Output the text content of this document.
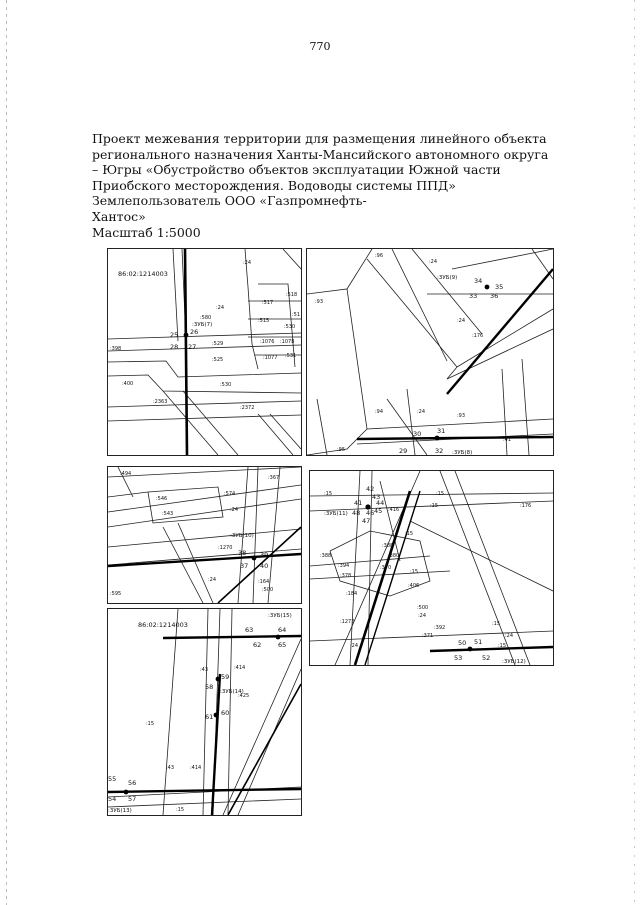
770
Проект межевания территории для размещения линейного объекта
регионального назначения Ханты-Мансийского автономного округа
– Югры «Обустройство объектов эксплуатации Южной части
Приобского месторождения. Водоводы системы ППД»
Землепользователь ООО «Газпромнефть-
Хантос»
Масштаб 1:5000
86:02:1214003
:3УБ(7)
:24
:518
:517
:51
:580
:24
:515
:530
:529	:1076 :1078
:525	:1077 :531
:398
:400	:530
:2363
:2372
25 26
28 27
:96
:24
:93
:24
:176
:94	:24
:93
:95
:41
:3УБ(9)
:3УБ(8)
34
35
33 36
30 31
29	32
:494
:367
:546
:574
:543
:24
:1270
:24	:164
:500
:595
:3УБ(10)
38 39
37 40
:15	:15
:416
:15	:176
:15
:388
:380
:388
:394	:370
:378
:15
:184
:406
:500
:24
:1273
:24
:392
:371
:15
:24
:15
:3УБ(11)
:3УБ(12)
42
43
44
41
48 45
46
47
50 51
53	52
86:02:1214003
:3УБ(15)
:3УБ(14)
:3УБ(13)
:43	:414
:425
:15
:43	:414
:15
63	64
62	65
59
58
61 60
55 56
54 57
